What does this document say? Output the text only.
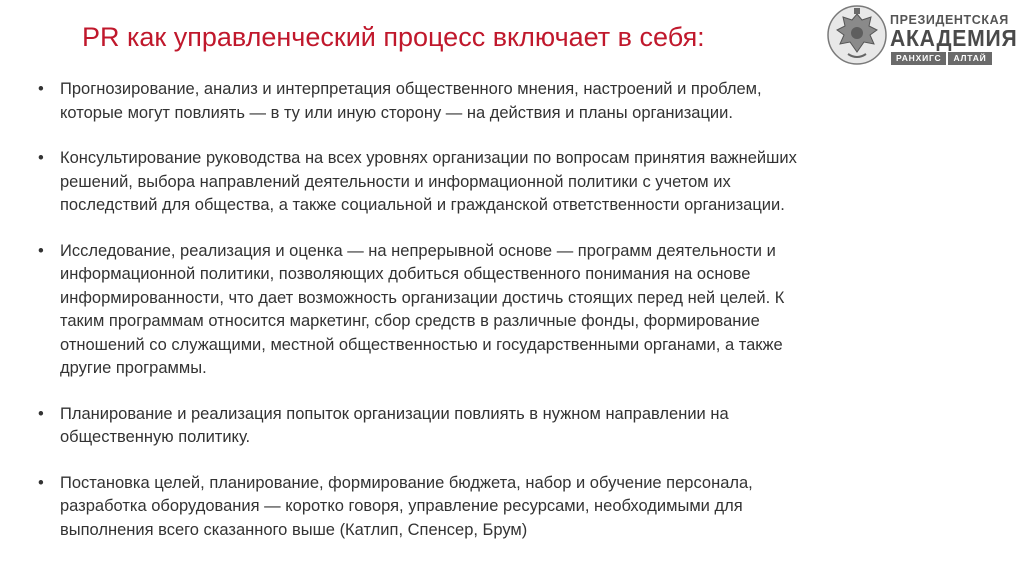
PR как управленческий процесс включает в себя:
ПРЕЗИДЕНТСКАЯ
АКАДЕМИЯ
РАНХИГС	АЛТАЙ
• Прогнозирование, анализ и интерпретация общественного мнения, настроений и проблем,
которые могут повлиять — в ту или иную сторону — на действия и планы организации.
• Консультирование руководства на всех уровнях организации по вопросам принятия важнейших
решений, выбора направлений деятельности и информационной политики с учетом их
последствий для общества, а также социальной и гражданской ответственности организации.
• Исследование, реализация и оценка — на непрерывной основе — программ деятельности и
информационной политики, позволяющих добиться общественного понимания на основе
информированности, что дает возможность организации достичь стоящих перед ней целей. К
таким программам относится маркетинг, сбор средств в различные фонды, формирование
отношений со служащими, местной общественностью и государственными органами, а также
другие программы.
• Планирование и реализация попыток организации повлиять в нужном направлении на
общественную политику.
• Постановка целей, планирование, формирование бюджета, набор и обучение персонала,
разработка оборудования — коротко говоря, управление ресурсами, необходимыми для
выполнения всего сказанного выше (Катлип, Спенсер, Брум)
